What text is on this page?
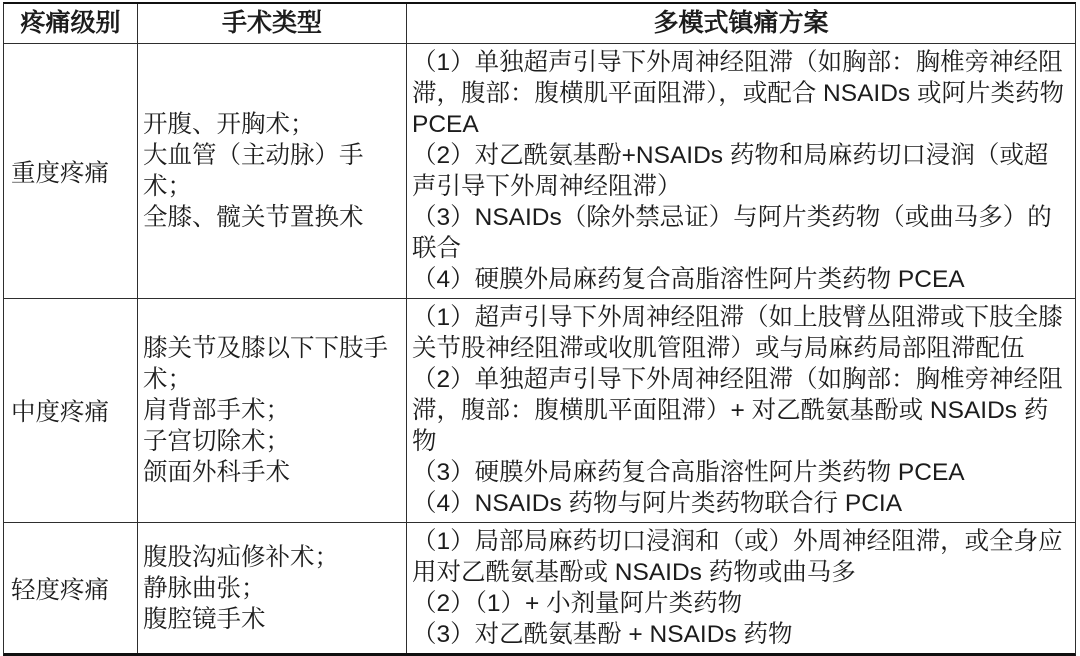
疼痛级别	手术类型	多模式镇痛方案
重度疼痛
开腹、开胸术；
大血管（主动脉）手术；
全膝、髋关节置换术

（1）单独超声引导下外周神经阻滞（如胸部：胸椎旁神经阻滞，腹部：腹横肌平面阻滞），或配合 NSAIDs 或阿片类药物 PCEA

（2）对乙酰氨基酚+NSAIDs 药物和局麻药切口浸润（或超声引导下外周神经阻滞）

（3）NSAIDs（除外禁忌证）与阿片类药物（或曲马多）的联合

（4）硬膜外局麻药复合高脂溶性阿片类药物 PCEA

中度疼痛
膝关节及膝以下下肢手术；
肩背部手术；
子宫切除术；
颌面外科手术

（1）超声引导下外周神经阻滞（如上肢臂丛阻滞或下肢全膝关节股神经阻滞或收肌管阻滞）或与局麻药局部阻滞配伍

（2）单独超声引导下外周神经阻滞（如胸部：胸椎旁神经阻滞，腹部：腹横肌平面阻滞）+ 对乙酰氨基酚或 NSAIDs 药物

（3）硬膜外局麻药复合高脂溶性阿片类药物 PCEA

（4）NSAIDs 药物与阿片类药物联合行 PCIA

轻度疼痛
腹股沟疝修补术；
静脉曲张；
腹腔镜手术

（1）局部局麻药切口浸润和（或）外周神经阻滞，或全身应用对乙酰氨基酚或 NSAIDs 药物或曲马多

（2）（1）+ 小剂量阿片类药物

（3）对乙酰氨基酚 + NSAIDs 药物
